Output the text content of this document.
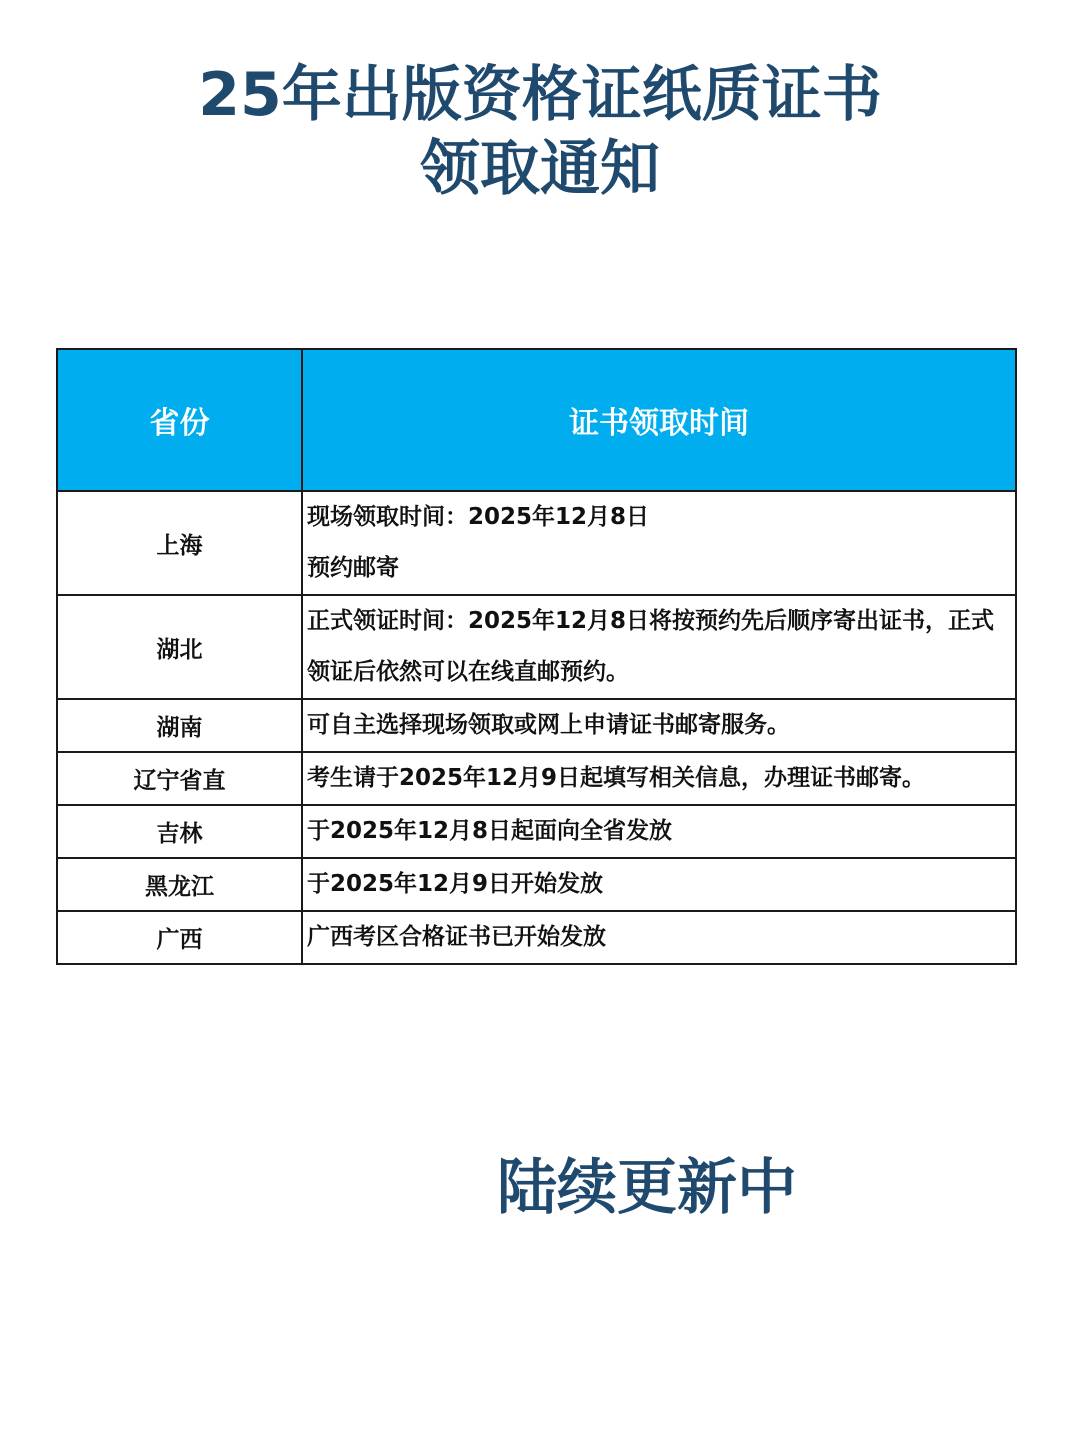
25年出版资格证纸质证书
领取通知
省份	证书领取时间
上海	现场领取时间：2025年12月8日
预约邮寄

湖北	正式领证时间：2025年12月8日将按预约先后顺序寄出证书，正式领证后依然可以在线直邮预约。

湖南	可自主选择现场领取或网上申请证书邮寄服务。

辽宁省直	考生请于2025年12月9日起填写相关信息，办理证书邮寄。

吉林	于2025年12月8日起面向全省发放

黑龙江	于2025年12月9日开始发放

广西	广西考区合格证书已开始发放

陆续更新中
